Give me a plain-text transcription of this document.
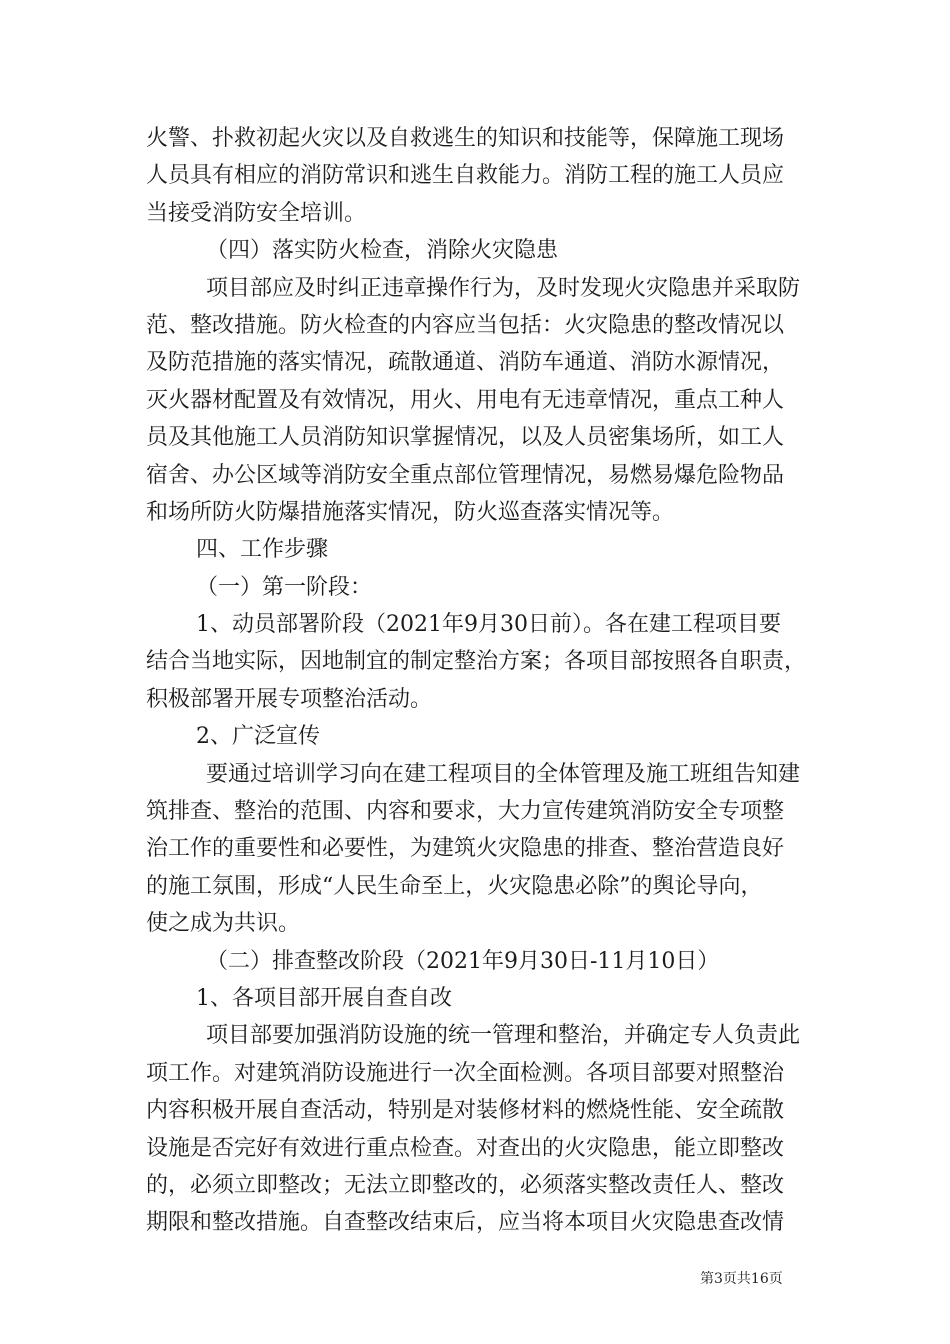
火警、扑救初起火灾以及自救逃生的知识和技能等，保障施工现场
人员具有相应的消防常识和逃生自救能力。消防工程的施工人员应
当接受消防安全培训。
（四）落实防火检查，消除火灾隐患
项目部应及时纠正违章操作行为，及时发现火灾隐患并采取防
范、整改措施。防火检查的内容应当包括：火灾隐患的整改情况以
及防范措施的落实情况，疏散通道、消防车通道、消防水源情况，
灭火器材配置及有效情况，用火、用电有无违章情况，重点工种人
员及其他施工人员消防知识掌握情况，以及人员密集场所，如工人
宿舍、办公区域等消防安全重点部位管理情况，易燃易爆危险物品
和场所防火防爆措施落实情况，防火巡查落实情况等。
四、工作步骤
（一）第一阶段：
1、动员部署阶段（2021年9月30日前）。各在建工程项目要
结合当地实际，因地制宜的制定整治方案；各项目部按照各自职责，
积极部署开展专项整治活动。
2、广泛宣传
要通过培训学习向在建工程项目的全体管理及施工班组告知建
筑排查、整治的范围、内容和要求，大力宣传建筑消防安全专项整
治工作的重要性和必要性，为建筑火灾隐患的排查、整治营造良好
的施工氛围，形成“人民生命至上，火灾隐患必除”的舆论导向，
使之成为共识。
（二）排查整改阶段（2021年9月30日-11月10日）
1、各项目部开展自查自改
项目部要加强消防设施的统一管理和整治，并确定专人负责此
项工作。对建筑消防设施进行一次全面检测。各项目部要对照整治
内容积极开展自查活动，特别是对装修材料的燃烧性能、安全疏散
设施是否完好有效进行重点检查。对查出的火灾隐患，能立即整改
的，必须立即整改；无法立即整改的，必须落实整改责任人、整改
期限和整改措施。自查整改结束后，应当将本项目火灾隐患查改情
第3页共16页
